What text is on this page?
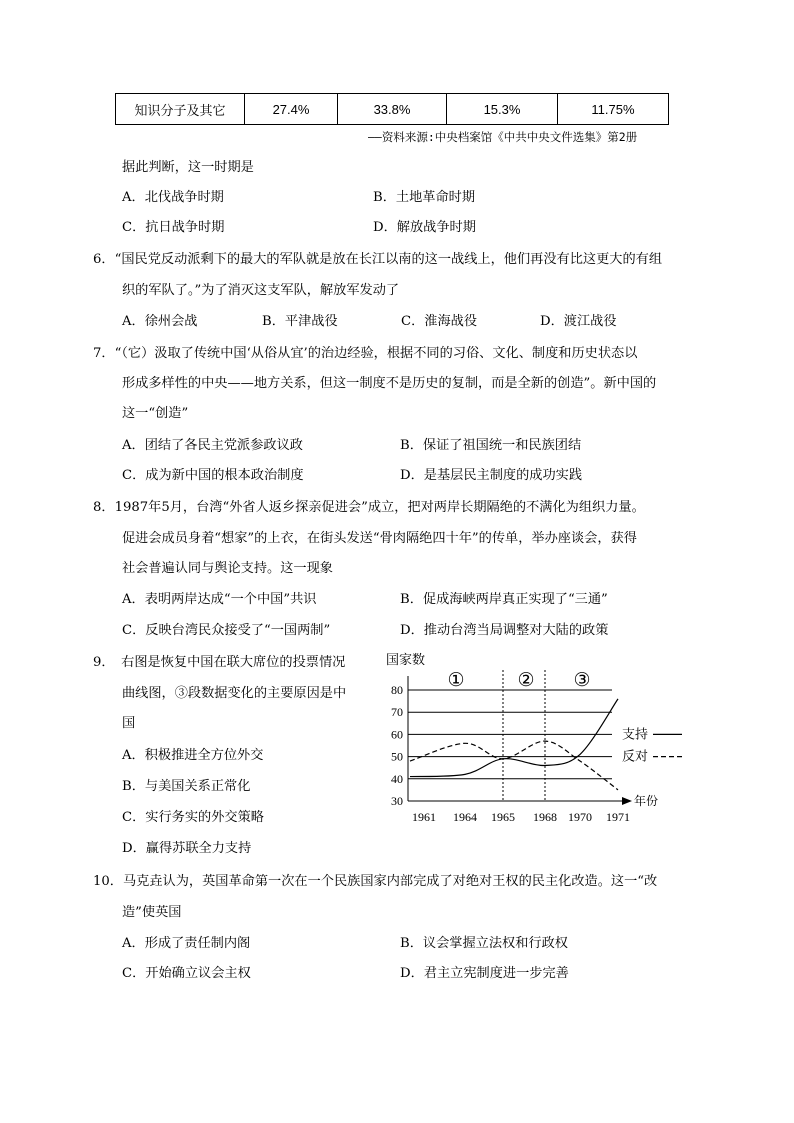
知识分子及其它	27.4%	33.8%	15.3%	11.75%
——资料来源:中央档案馆《中共中央文件选集》第2册
据此判断，这一时期是
A．北伐战争时期	B．土地革命时期
C．抗日战争时期	D．解放战争时期
6．“国民党反动派剩下的最大的军队就是放在长江以南的这一战线上，他们再没有比这更大的有组
织的军队了。”为了消灭这支军队，解放军发动了
A．徐州会战	B．平津战役	C．淮海战役	D．渡江战役
7．“（它）汲取了传统中国‘从俗从宜’的治边经验，根据不同的习俗、文化、制度和历史状态以
形成多样性的中央——地方关系，但这一制度不是历史的复制，而是全新的创造”。新中国的
这一“创造”
A．团结了各民主党派参政议政	B．保证了祖国统一和民族团结
C．成为新中国的根本政治制度	D．是基层民主制度的成功实践
8．1987年5月，台湾“外省人返乡探亲促进会”成立，把对两岸长期隔绝的不满化为组织力量。
促进会成员身着“想家”的上衣，在街头发送“骨肉隔绝四十年”的传单，举办座谈会，获得
社会普遍认同与舆论支持。这一现象
A．表明两岸达成“一个中国”共识	B．促成海峡两岸真正实现了“三通”
C．反映台湾民众接受了“一国两制”	D．推动台湾当局调整对大陆的政策
9．　右图是恢复中国在联大席位的投票情况
曲线图，③段数据变化的主要原因是中
国
A．积极推进全方位外交
B．与美国关系正常化
C．实行务实的外交策略
D．赢得苏联全力支持
国家数
30
40
50
60
70
80
年份
1961 1964 1965 1968 1970 1971
①	② ③
支持
反对
10．马克垚认为，英国革命第一次在一个民族国家内部完成了对绝对王权的民主化改造。这一“改
造”使英国
A．形成了责任制内阁	B．议会掌握立法权和行政权
C．开始确立议会主权	D．君主立宪制度进一步完善
